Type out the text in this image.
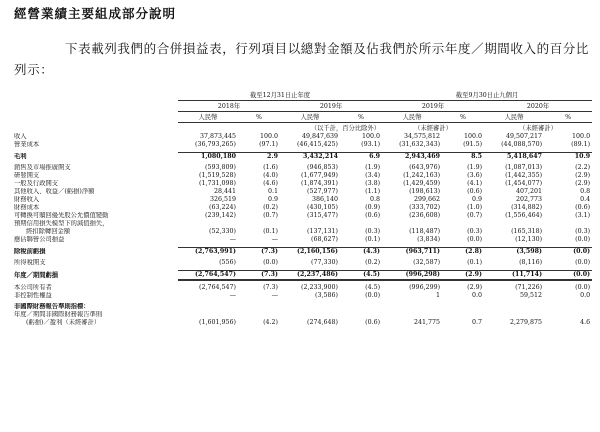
經營業績主要組成部分說明

下表載列我們的合併損益表，行列項目以總對金額及佔我們於所示年度／期間收入的百分比列示：

	截至12月31日止年度				截至9月30日止九個月			
	2018年		2019年		2019年		2020年	
	人民幣	%	人民幣	%	人民幣	%	人民幣	%
	（以千計，百分比除外）				（未經審計）		（未經審計）	
收入	37,873,445	100.0	49,847,639	100.0	34,575,812	100.0	49,507,217	100.0
營業成本	(36,793,265)	(97.1)	(46,415,425)	(93.1)	(31,632,343)	(91.5)	(44,088,570)	(89.1)

毛利	1,080,180	2.9	3,432,214	6.9	2,943,469	8.5	5,418,647	10.9

銷售及市場推廣開支	(593,809)	(1.6)	(946,853)	(1.9)	(643,976)	(1.9)	(1,087,013)	(2.2)
研發開支	(1,519,528)	(4.0)	(1,677,949)	(3.4)	(1,242,163)	(3.6)	(1,442,355)	(2.9)
一般及行政開支	(1,731,098)	(4.6)	(1,874,391)	(3.8)	(1,429,459)	(4.1)	(1,454,077)	(2.9)
其他收入、收益／(虧損)淨額	28,441	0.1	(527,977)	(1.1)	(198,613)	(0.6)	407,201	0.8
財務收入	326,519	0.9	386,140	0.8	299,662	0.9	202,773	0.4
財務成本	(63,224)	(0.2)	(430,105)	(0.9)	(333,702)	(1.0)	(314,882)	(0.6)
可轉換可贖回優先股公允價值變動	(239,142)	(0.7)	(315,477)	(0.6)	(236,608)	(0.7)	(1,556,464)	(3.1)
預期信用損失模型下的減值損失，								
經扣除轉回金額	(52,330)	(0.1)	(137,131)	(0.3)	(118,487)	(0.3)	(165,318)	(0.3)
應佔聯營公司損益	—	—	(68,627)	(0.1)	(3,834)	(0.0)	(12,130)	(0.0)

除稅前虧損	(2,763,991)	(7.3)	(2,160,156)	(4.3)	(963,711)	(2.8)	(3,598)	(0.0)

所得稅開支	(556)	(0.0)	(77,330)	(0.2)	(32,587)	(0.1)	(8,116)	(0.0)

年度／期間虧損	(2,764,547)	(7.3)	(2,237,486)	(4.5)	(996,298)	(2.9)	(11,714)	(0.0)

本公司所有者	(2,764,547)	(7.3)	(2,233,900)	(4.5)	(996,299)	(2.9)	(71,226)	(0.0)
非控制性權益	—	—	(3,586)	(0.0)	1	0.0	59,512	0.0

非國際財務報告準則指標：								
年度／期間非國際財務報告準則								
(虧損)／盈利（未經審計）	(1,601,956)	(4.2)	(274,648)	(0.6)	241,775	0.7	2,279,875	4.6
